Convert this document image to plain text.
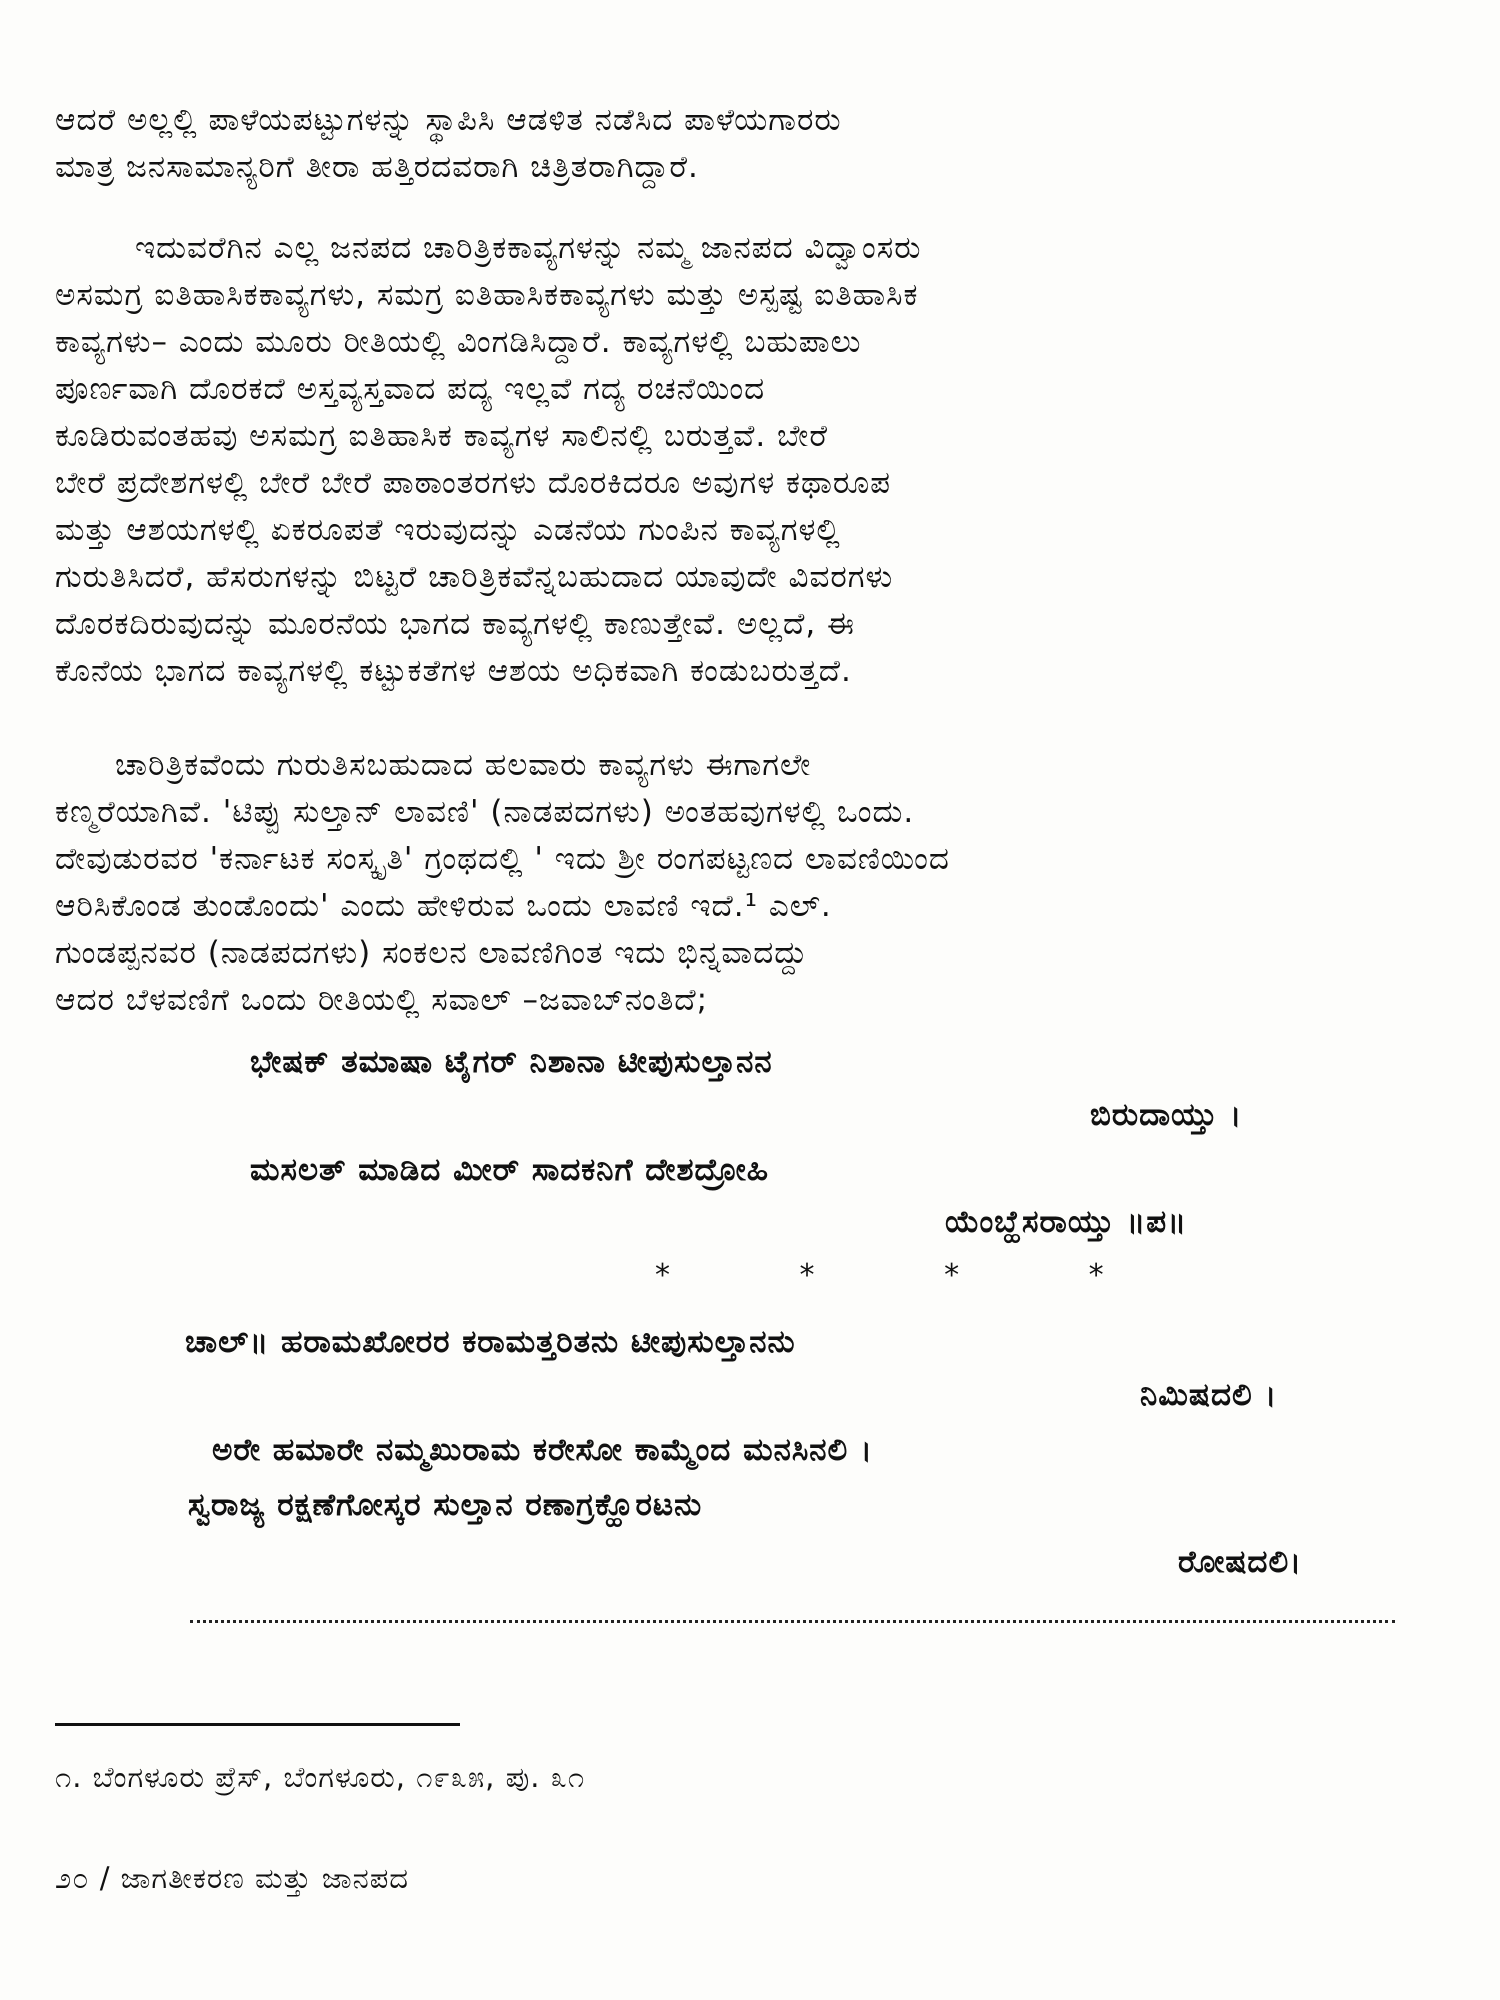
ಆದರೆ ಅಲ್ಲಲ್ಲಿ ಪಾಳೆಯಪಟ್ಟುಗಳನ್ನು ಸ್ಥಾಪಿಸಿ ಆಡಳಿತ ನಡೆಸಿದ ಪಾಳೆಯಗಾರರು
ಮಾತ್ರ ಜನಸಾಮಾನ್ಯರಿಗೆ ತೀರಾ ಹತ್ತಿರದವರಾಗಿ ಚಿತ್ರಿತರಾಗಿದ್ದಾರೆ.

ಇದುವರೆಗಿನ ಎಲ್ಲ ಜನಪದ ಚಾರಿತ್ರಿಕಕಾವ್ಯಗಳನ್ನು ನಮ್ಮ ಜಾನಪದ ವಿದ್ವಾಂಸರು
ಅಸಮಗ್ರ ಐತಿಹಾಸಿಕಕಾವ್ಯಗಳು, ಸಮಗ್ರ ಐತಿಹಾಸಿಕಕಾವ್ಯಗಳು ಮತ್ತು ಅಸ್ಪಷ್ಟ ಐತಿಹಾಸಿಕ
ಕಾವ್ಯಗಳು– ಎಂದು ಮೂರು ರೀತಿಯಲ್ಲಿ ವಿಂಗಡಿಸಿದ್ದಾರೆ. ಕಾವ್ಯಗಳಲ್ಲಿ ಬಹುಪಾಲು
ಪೂರ್ಣವಾಗಿ ದೊರಕದೆ ಅಸ್ತವ್ಯಸ್ತವಾದ ಪದ್ಯ ಇಲ್ಲವೆ ಗದ್ಯ ರಚನೆಯಿಂದ
ಕೂಡಿರುವಂತಹವು ಅಸಮಗ್ರ ಐತಿಹಾಸಿಕ ಕಾವ್ಯಗಳ ಸಾಲಿನಲ್ಲಿ ಬರುತ್ತವೆ. ಬೇರೆ
ಬೇರೆ ಪ್ರದೇಶಗಳಲ್ಲಿ ಬೇರೆ ಬೇರೆ ಪಾಠಾಂತರಗಳು ದೊರಕಿದರೂ ಅವುಗಳ ಕಥಾರೂಪ
ಮತ್ತು ಆಶಯಗಳಲ್ಲಿ ಏಕರೂಪತೆ ಇರುವುದನ್ನು ಎಡನೆಯ ಗುಂಪಿನ ಕಾವ್ಯಗಳಲ್ಲಿ
ಗುರುತಿಸಿದರೆ, ಹೆಸರುಗಳನ್ನು ಬಿಟ್ಟರೆ ಚಾರಿತ್ರಿಕವೆನ್ನಬಹುದಾದ ಯಾವುದೇ ವಿವರಗಳು
ದೊರಕದಿರುವುದನ್ನು ಮೂರನೆಯ ಭಾಗದ ಕಾವ್ಯಗಳಲ್ಲಿ ಕಾಣುತ್ತೇವೆ. ಅಲ್ಲದೆ, ಈ
ಕೊನೆಯ ಭಾಗದ ಕಾವ್ಯಗಳಲ್ಲಿ ಕಟ್ಟುಕತೆಗಳ ಆಶಯ ಅಧಿಕವಾಗಿ ಕಂಡುಬರುತ್ತದೆ.

ಚಾರಿತ್ರಿಕವೆಂದು ಗುರುತಿಸಬಹುದಾದ ಹಲವಾರು ಕಾವ್ಯಗಳು ಈಗಾಗಲೇ
ಕಣ್ಮರೆಯಾಗಿವೆ. 'ಟಿಪ್ಪು ಸುಲ್ತಾನ್ ಲಾವಣಿ' (ನಾಡಪದಗಳು) ಅಂತಹವುಗಳಲ್ಲಿ ಒಂದು.
ದೇವುಡುರವರ 'ಕರ್ನಾಟಕ ಸಂಸ್ಕೃತಿ' ಗ್ರಂಥದಲ್ಲಿ ' ಇದು ಶ್ರೀ ರಂಗಪಟ್ಟಣದ ಲಾವಣಿಯಿಂದ
ಆರಿಸಿಕೊಂಡ ತುಂಡೊಂದು' ಎಂದು ಹೇಳಿರುವ ಒಂದು ಲಾವಣಿ ಇದೆ.¹ ಎಲ್.
ಗುಂಡಪ್ಪನವರ (ನಾಡಪದಗಳು) ಸಂಕಲನ ಲಾವಣಿಗಿಂತ ಇದು ಭಿನ್ನವಾದದ್ದು
ಆದರ ಬೆಳವಣಿಗೆ ಒಂದು ರೀತಿಯಲ್ಲಿ ಸವಾಲ್ –ಜವಾಬ್‌ನಂತಿದೆ;

ಭೇಷಕ್ ತಮಾಷಾ ಟೈಗರ್ ನಿಶಾನಾ ಟೀಪುಸುಲ್ತಾನನ
ಬಿರುದಾಯ್ತು ।
ಮಸಲತ್ ಮಾಡಿದ ಮೀರ್ ಸಾದಕನಿಗೆ ದೇಶದ್ರೋಹಿ
ಯೆಂಬ್ಹೆಸರಾಯ್ತು ॥ಪ॥
* * * *
ಚಾಲ್॥ ಹರಾಮಖೋರರ ಕರಾಮತ್ತರಿತನು ಟೀಪುಸುಲ್ತಾನನು
ನಿಮಿಷದಲಿ ।
ಅರೇ ಹಮಾರೇ ನಮ್ಮಖುರಾಮ ಕರೇಸೋ ಕಾಮ್ಮೆಂದ ಮನಸಿನಲಿ ।
ಸ್ವರಾಜ್ಯ ರಕ್ಷಣೆಗೋಸ್ಕರ ಸುಲ್ತಾನ ರಣಾಗ್ರಕ್ಹೊರಟನು
ರೋಷದಲಿ।
೧. ಬೆಂಗಳೂರು ಪ್ರೆಸ್, ಬೆಂಗಳೂರು, ೧೯೩೫, ಪು. ೩೧
೨೦ / ಜಾಗತೀಕರಣ ಮತ್ತು ಜಾನಪದ
